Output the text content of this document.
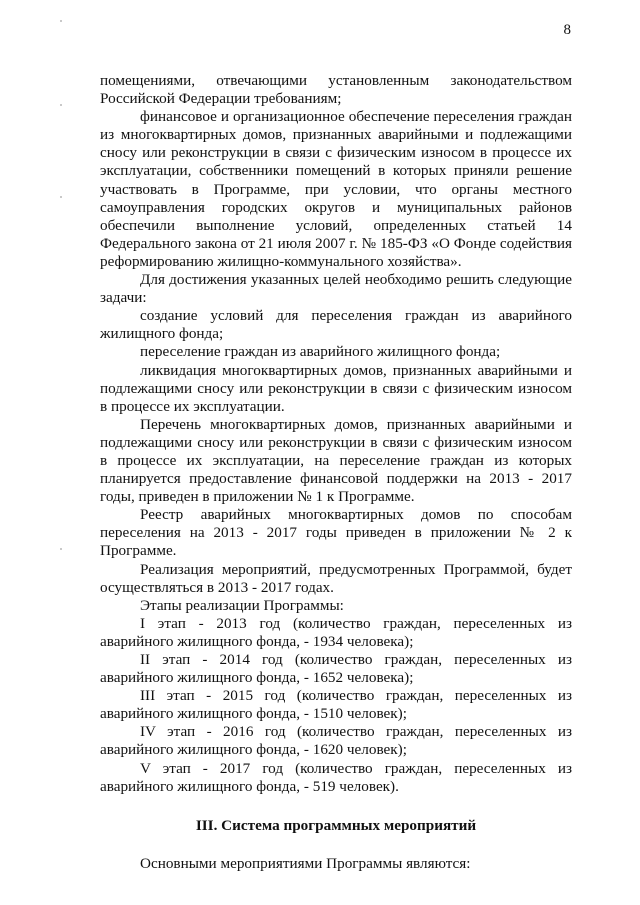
8

помещениями, отвечающими установленным законодательством Российской Федерации требованиям;

финансовое и организационное обеспечение переселения граждан из многоквартирных домов, признанных аварийными и подлежащими сносу или реконструкции в связи с физическим износом в процессе их эксплуатации, собственники помещений в которых приняли решение участвовать в Программе, при условии, что органы местного самоуправления городских округов и муниципальных районов обеспечили выполнение условий, определенных статьей 14 Федерального закона от 21 июля 2007 г. № 185-ФЗ «О Фонде содействия реформированию жилищно-коммунального хозяйства».

Для достижения указанных целей необходимо решить следующие задачи:

создание условий для переселения граждан из аварийного жилищного фонда;

переселение граждан из аварийного жилищного фонда;

ликвидация многоквартирных домов, признанных аварийными и подлежащими сносу или реконструкции в связи с физическим износом в процессе их эксплуатации.

Перечень многоквартирных домов, признанных аварийными и подлежащими сносу или реконструкции в связи с физическим износом в процессе их эксплуатации, на переселение граждан из которых планируется предоставление финансовой поддержки на 2013 - 2017 годы, приведен в приложении № 1 к Программе.

Реестр аварийных многоквартирных домов по способам переселения на 2013 - 2017 годы приведен в приложении № 2 к Программе.

Реализация мероприятий, предусмотренных Программой, будет осуществляться в 2013 - 2017 годах.

Этапы реализации Программы:

I этап - 2013 год (количество граждан, переселенных из аварийного жилищного фонда, - 1934 человека);

II этап - 2014 год (количество граждан, переселенных из аварийного жилищного фонда, - 1652 человека);

III этап - 2015 год (количество граждан, переселенных из аварийного жилищного фонда, - 1510 человек);

IV этап - 2016 год (количество граждан, переселенных из аварийного жилищного фонда, - 1620 человек);

V этап - 2017 год (количество граждан, переселенных из аварийного жилищного фонда, - 519 человек).

III. Система программных мероприятий

Основными мероприятиями Программы являются:
